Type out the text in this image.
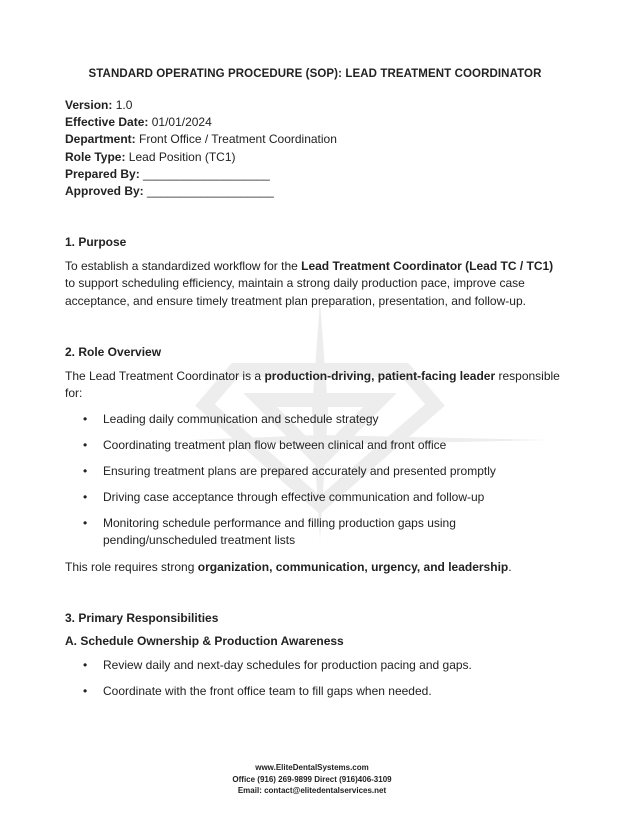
STANDARD OPERATING PROCEDURE (SOP): LEAD TREATMENT COORDINATOR
Version: 1.0
Effective Date: 01/01/2024
Department: Front Office / Treatment Coordination
Role Type: Lead Position (TC1)
Prepared By: ___________________
Approved By: ___________________
1. Purpose

To establish a standardized workflow for the Lead Treatment Coordinator (Lead TC / TC1) to support scheduling efficiency, maintain a strong daily production pace, improve case acceptance, and ensure timely treatment plan preparation, presentation, and follow-up.

2. Role Overview

The Lead Treatment Coordinator is a production-driving, patient-facing leader responsible for:

• Leading daily communication and schedule strategy
• Coordinating treatment plan flow between clinical and front office
• Ensuring treatment plans are prepared accurately and presented promptly
• Driving case acceptance through effective communication and follow-up
• Monitoring schedule performance and filling production gaps using pending/unscheduled treatment lists

This role requires strong organization, communication, urgency, and leadership.

3. Primary Responsibilities
A. Schedule Ownership & Production Awareness
• Review daily and next-day schedules for production pacing and gaps.
• Coordinate with the front office team to fill gaps when needed.
www.EliteDentalSystems.com
Office (916) 269-9899 Direct (916)406-3109
Email: contact@elitedentalservices.net
